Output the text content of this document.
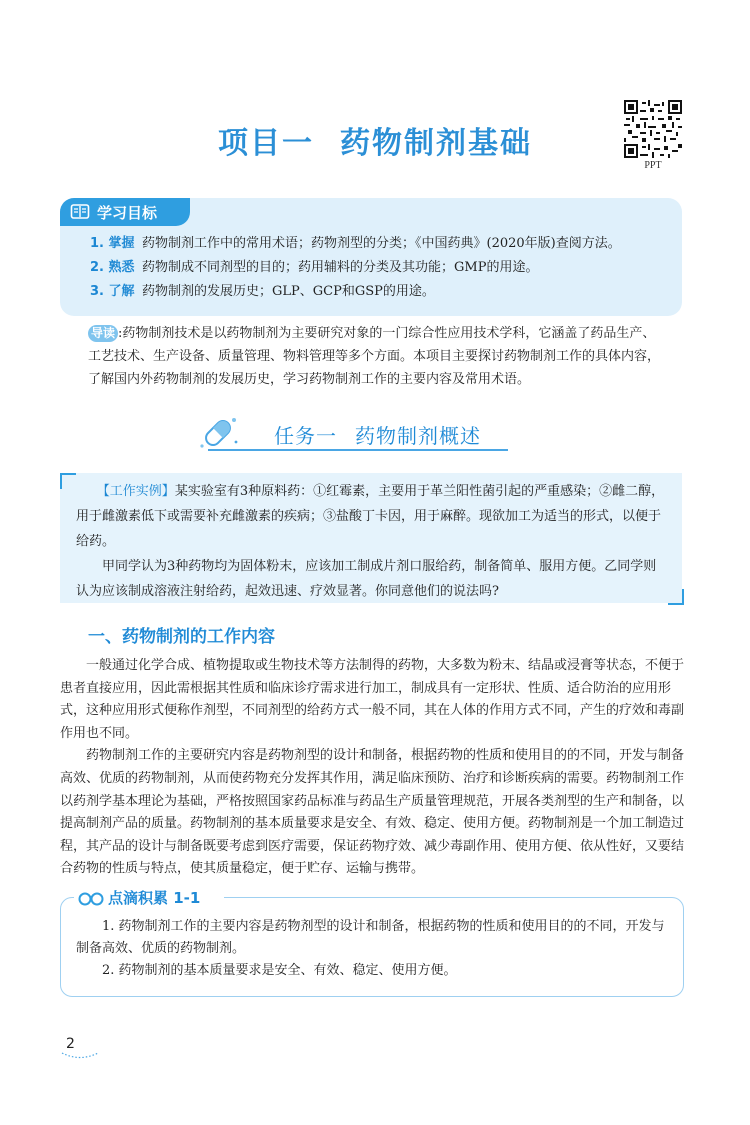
项目一 药物制剂基础
PPT
学习目标
1. 掌握 药物制剂工作中的常用术语；药物剂型的分类；《中国药典》(2020年版)查阅方法。
2. 熟悉 药物制成不同剂型的目的；药用辅料的分类及其功能；GMP的用途。
3. 了解 药物制剂的发展历史；GLP、GCP和GSP的用途。

导读 :药物制剂技术是以药物制剂为主要研究对象的一门综合性应用技术学科，它涵盖了药品生产、工艺技术、生产设备、质量管理、物料管理等多个方面。本项目主要探讨药物制剂工作的具体内容，了解国内外药物制剂的发展历史，学习药物制剂工作的主要内容及常用术语。

任务一 药物制剂概述

【工作实例】某实验室有3种原料药：①红霉素，主要用于革兰阳性菌引起的严重感染；②雌二醇，用于雌激素低下或需要补充雌激素的疾病；③盐酸丁卡因，用于麻醉。现欲加工为适当的形式，以便于给药。

甲同学认为3种药物均为固体粉末，应该加工制成片剂口服给药，制备简单、服用方便。乙同学则认为应该制成溶液注射给药，起效迅速、疗效显著。你同意他们的说法吗?

一、药物制剂的工作内容

一般通过化学合成、植物提取或生物技术等方法制得的药物，大多数为粉末、结晶或浸膏等状态，不便于患者直接应用，因此需根据其性质和临床诊疗需求进行加工，制成具有一定形状、性质、适合防治的应用形式，这种应用形式便称作剂型，不同剂型的给药方式一般不同，其在人体的作用方式不同，产生的疗效和毒副作用也不同。

药物制剂工作的主要研究内容是药物剂型的设计和制备，根据药物的性质和使用目的的不同，开发与制备高效、优质的药物制剂，从而使药物充分发挥其作用，满足临床预防、治疗和诊断疾病的需要。药物制剂工作以药剂学基本理论为基础，严格按照国家药品标准与药品生产质量管理规范，开展各类剂型的生产和制备，以提高制剂产品的质量。药物制剂的基本质量要求是安全、有效、稳定、使用方便。药物制剂是一个加工制造过程，其产品的设计与制备既要考虑到医疗需要，保证药物疗效、减少毒副作用、使用方便、依从性好，又要结合药物的性质与特点，使其质量稳定，便于贮存、运输与携带。

点滴积累 1-1

1. 药物制剂工作的主要内容是药物剂型的设计和制备，根据药物的性质和使用目的的不同，开发与制备高效、优质的药物制剂。

2. 药物制剂的基本质量要求是安全、有效、稳定、使用方便。

2
